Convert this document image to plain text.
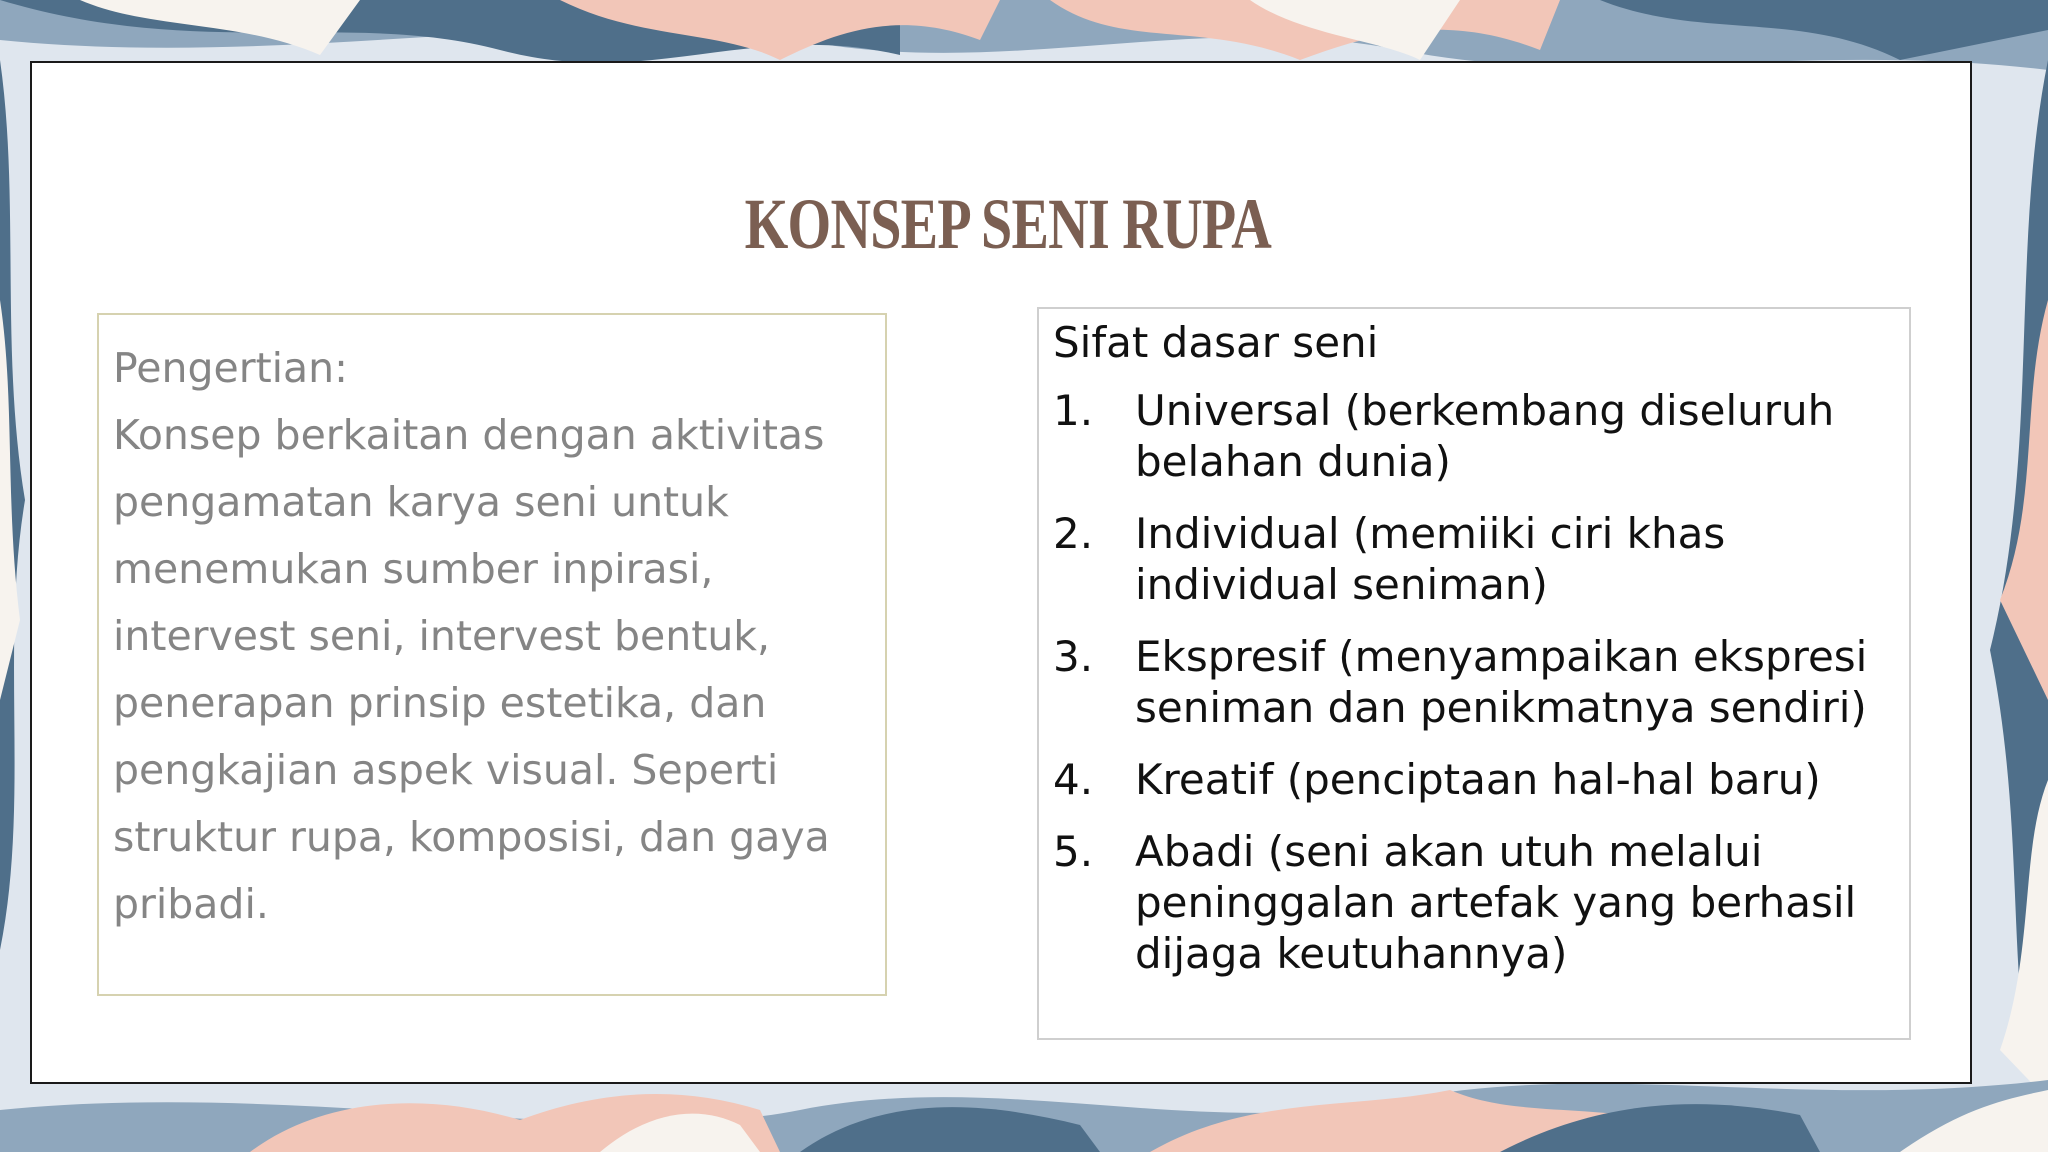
KONSEP SENI RUPA

Pengertian:

Konsep berkaitan dengan aktivitas pengamatan karya seni untuk menemukan sumber inpirasi, intervest seni, intervest bentuk, penerapan prinsip estetika, dan pengkajian aspek visual. Seperti struktur rupa, komposisi, dan gaya pribadi.

Sifat dasar seni

1. Universal (berkembang diseluruh belahan dunia)
2. Individual (memiiki ciri khas individual seniman)
3. Ekspresif (menyampaikan ekspresi seniman dan penikmatnya sendiri)
4. Kreatif (penciptaan hal-hal baru)
5. Abadi (seni akan utuh melalui peninggalan artefak yang berhasil dijaga keutuhannya)
